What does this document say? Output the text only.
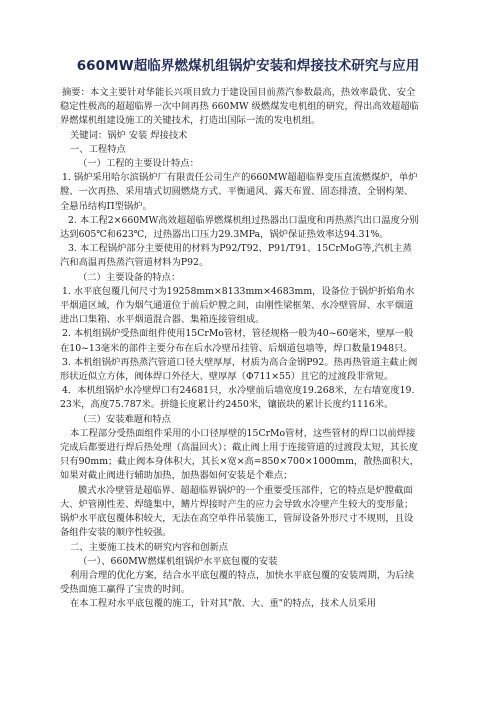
660MW超临界燃煤机组锅炉安装和焊接技术研究与应用

摘要：本文主要针对华能长兴项目致力于建设国目前蒸汽参数最高，热效率最优、安全稳定性极高的超超临界一次中间再热 660MW 级燃煤发电机组的研究，得出高效超超临界燃煤机组建设施工的关键技术，打造出国际一流的发电机组。

关键词：锅炉 安装 焊接技术

一、工程特点

（一）工程的主要设计特点：

1. 锅炉采用哈尔滨锅炉厂有限责任公司生产的660MW超超临界变压直流燃煤炉，单炉膛、一次再热、采用墙式切圆燃烧方式、平衡通风、露天布置、固态排渣、全钢构架、全悬吊结构Π型锅炉。

2. 本工程2×660MW高效超超临界燃煤机组过热器出口温度和再热蒸汽出口温度分别达到605℃和623℃，过热器出口压力29.3MPa，锅炉保证热效率达94.31%。

3. 本工程锅炉部分主要使用的材料为P92/T92、P91/T91、15CrMoG等,汽机主蒸汽和高温再热蒸汽管道材料为P92。

（二）主要设备的特点：

1. 水平底包覆几何尺寸为19258mm×8133mm×4683mm，设备位于锅炉折焰角水平烟道区域，作为烟气通道位于前后炉膛之间，由刚性梁框架、水冷壁管屏、水平烟道进出口集箱、水平烟道混合器、集箱连接管组成。

2. 本机组锅炉受热面组件使用15CrMo管材，管径规格一般为40~60毫米，壁厚一般在10~13毫米的部件主要分布在后水冷壁吊挂管、后烟道包墙等，焊口数量1948只。

3. 本机组锅炉再热蒸汽管道口径大壁厚厚，材质为高合金钢P92。热再热管道主截止阀形状近似立方体，阀体焊口外径大、壁厚厚（Φ711×55）且它的过渡段非常短。

4．本机组锅炉水冷壁焊口有24681只，水冷壁前后墙宽度19.268米，左右墙宽度19.23米，高度75.787米。拼缝长度累计约2450米，镶嵌块的累计长度约1116米。

（三）安装难题和特点

本工程部分受热面组件采用的小口径厚壁的15CrMo管材，这些管材的焊口以前焊接完成后都要进行焊后热处理（高温回火）；截止阀上用于连接管道的过渡段太短，其长度只有90mm；截止阀本身体积大，其长×宽×高=850×700×1000mm，散热面积大，如果对截止阀进行辅助加热，加热器如何安装是个难点；

膜式水冷壁管是超临界、超超临界锅炉的一个重要受压部件，它的特点是炉膛截面大、炉管刚性差、焊缝集中，鳍片焊接时产生的应力会导致水冷壁产生较大的变形量；锅炉水平底包覆体积较大，无法在高空单件吊装施工，管屏设备外形尺寸不规则，且设备组件安装的顺序性较强。

二、主要施工技术的研究内容和创新点

（一）、660MW燃煤机组锅炉水平底包覆的安装

利用合理的优化方案，结合水平底包覆的特点，加快水平底包覆的安装周期，为后续受热面施工赢得了宝贵的时间。

在本工程对水平底包覆的施工，针对其"散、大、重"的特点，技术人员采用
